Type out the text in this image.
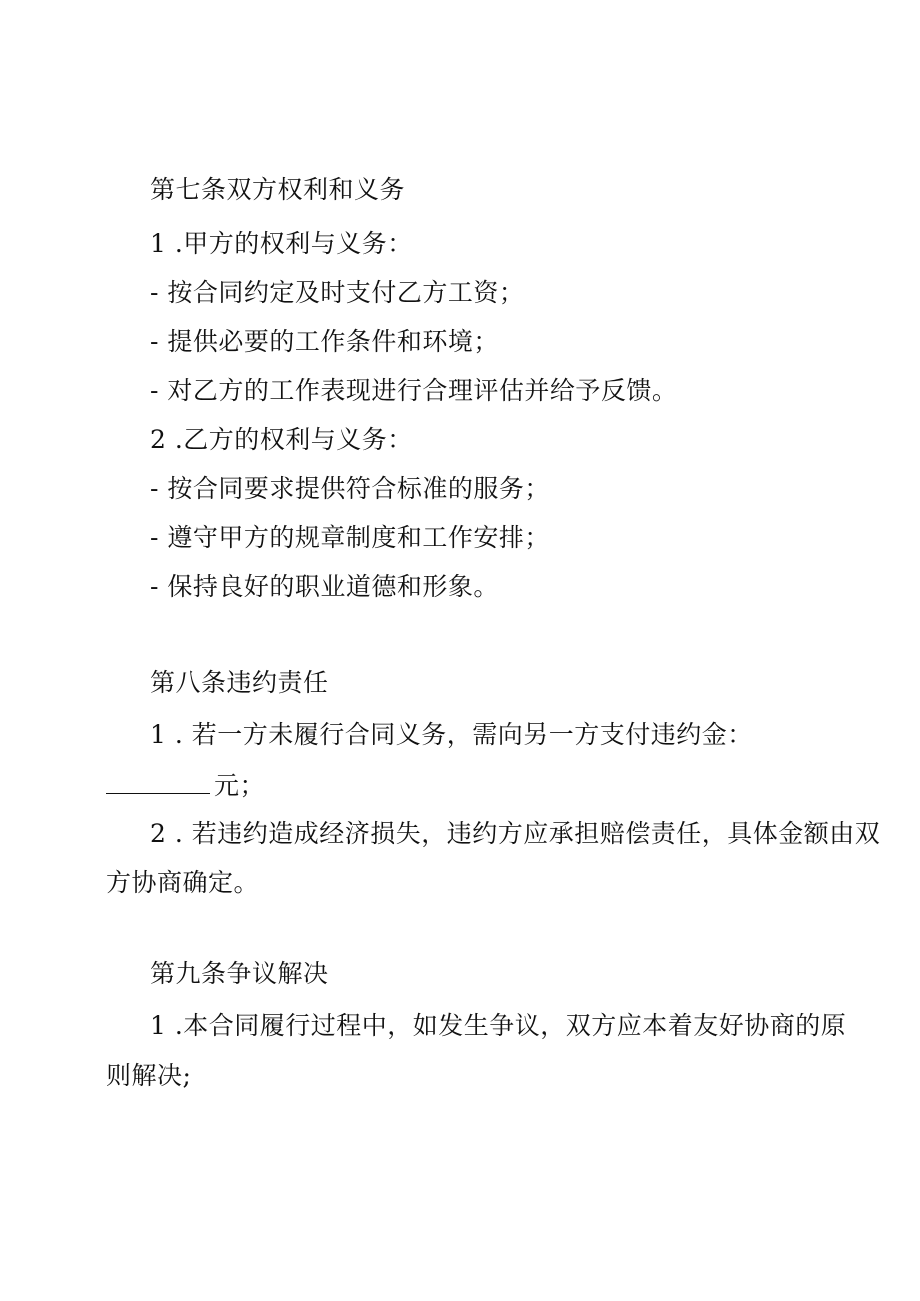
第七条双方权利和义务
1 .甲方的权利与义务：
- 按合同约定及时支付乙方工资；
- 提供必要的工作条件和环境；
- 对乙方的工作表现进行合理评估并给予反馈。
2 .乙方的权利与义务：
- 按合同要求提供符合标准的服务；
- 遵守甲方的规章制度和工作安排；
- 保持良好的职业道德和形象。
第八条违约责任
1 . 若一方未履行合同义务，需向另一方支付违约金：
元；
2 . 若违约造成经济损失，违约方应承担赔偿责任，具体金额由双
方协商确定。
第九条争议解决
1 .本合同履行过程中，如发生争议，双方应本着友好协商的原
则解决;
